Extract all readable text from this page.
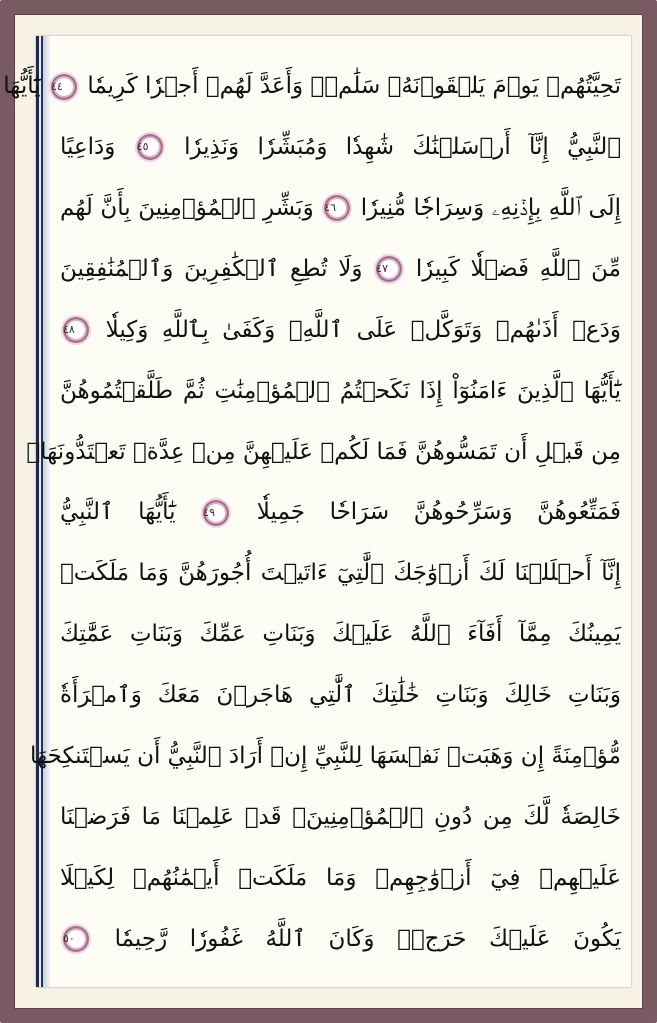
تَحِيَّتُهُمۡ يَوۡمَ يَلۡقَوۡنَهُۥ سَلَٰمٞۚ وَأَعَدَّ لَهُمۡ أَجۡرٗا كَرِيمٗا ٤٤ يَٰٓأَيُّهَا
ٱلنَّبِيُّ إِنَّآ أَرۡسَلۡنَٰكَ شَٰهِدٗا وَمُبَشِّرٗا وَنَذِيرٗا ٤٥ وَدَاعِيًا
إِلَى ٱللَّهِ بِإِذۡنِهِۦ وَسِرَاجٗا مُّنِيرٗا ٤٦ وَبَشِّرِ ٱلۡمُؤۡمِنِينَ بِأَنَّ لَهُم
مِّنَ ٱللَّهِ فَضۡلٗا كَبِيرٗا ٤٧ وَلَا تُطِعِ ٱلۡكَٰفِرِينَ وَٱلۡمُنَٰفِقِينَ
وَدَعۡ أَذَىٰهُمۡ وَتَوَكَّلۡ عَلَى ٱللَّهِۚ وَكَفَىٰ بِٱللَّهِ وَكِيلٗا ٤٨
يَٰٓأَيُّهَا ٱلَّذِينَ ءَامَنُوٓاْ إِذَا نَكَحۡتُمُ ٱلۡمُؤۡمِنَٰتِ ثُمَّ طَلَّقۡتُمُوهُنَّ
مِن قَبۡلِ أَن تَمَسُّوهُنَّ فَمَا لَكُمۡ عَلَيۡهِنَّ مِنۡ عِدَّةٖ تَعۡتَدُّونَهَاۖ
فَمَتِّعُوهُنَّ وَسَرِّحُوهُنَّ سَرَاحٗا جَمِيلٗا ٤٩ يَٰٓأَيُّهَا ٱلنَّبِيُّ
إِنَّآ أَحۡلَلۡنَا لَكَ أَزۡوَٰجَكَ ٱلَّٰتِيٓ ءَاتَيۡتَ أُجُورَهُنَّ وَمَا مَلَكَتۡ
يَمِينُكَ مِمَّآ أَفَآءَ ٱللَّهُ عَلَيۡكَ وَبَنَاتِ عَمِّكَ وَبَنَاتِ عَمَّٰتِكَ
وَبَنَاتِ خَالِكَ وَبَنَاتِ خَٰلَٰتِكَ ٱلَّٰتِي هَاجَرۡنَ مَعَكَ وَٱمۡرَأَةٗ
مُّؤۡمِنَةً إِن وَهَبَتۡ نَفۡسَهَا لِلنَّبِيِّ إِنۡ أَرَادَ ٱلنَّبِيُّ أَن يَسۡتَنكِحَهَا
خَالِصَةٗ لَّكَ مِن دُونِ ٱلۡمُؤۡمِنِينَۗ قَدۡ عَلِمۡنَا مَا فَرَضۡنَا
عَلَيۡهِمۡ فِيٓ أَزۡوَٰجِهِمۡ وَمَا مَلَكَتۡ أَيۡمَٰنُهُمۡ لِكَيۡلَا
يَكُونَ عَلَيۡكَ حَرَجٞۗ وَكَانَ ٱللَّهُ غَفُورٗا رَّحِيمٗا ٥٠
